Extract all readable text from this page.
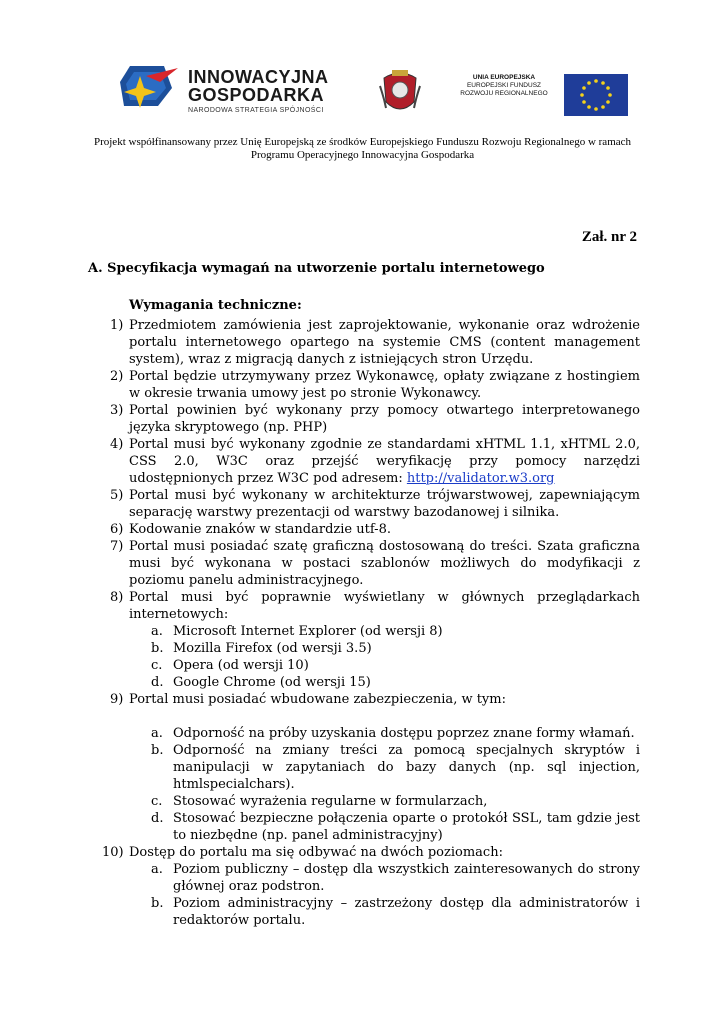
INNOWACYJNA
GOSPODARKA
NARODOWA STRATEGIA SPÓJNOŚCI
UNIA EUROPEJSKA
EUROPEJSKI FUNDUSZ
ROZWOJU REGIONALNEGO
Projekt współfinansowany przez Unię Europejską ze środków Europejskiego Funduszu Rozwoju Regionalnego w ramach
Programu Operacyjnego Innowacyjna Gospodarka
Zał. nr 2
A. Specyfikacja wymagań na utworzenie portalu internetowego
Wymagania techniczne:
1) Przedmiotem zamówienia jest zaprojektowanie, wykonanie oraz wdrożenie portalu internetowego opartego na systemie CMS (content management system), wraz z migracją danych z istniejących stron Urzędu.
2) Portal będzie utrzymywany przez Wykonawcę, opłaty związane z hostingiem w okresie trwania umowy jest po stronie Wykonawcy.
3) Portal powinien być wykonany przy pomocy otwartego interpretowanego języka skryptowego (np. PHP)
4) Portal musi być wykonany zgodnie ze standardami xHTML 1.1, xHTML 2.0, CSS 2.0, W3C oraz przejść weryfikację przy pomocy narzędzi udostępnionych przez W3C pod adresem: http://validator.w3.org
5) Portal musi być wykonany w architekturze trójwarstwowej, zapewniającym separację warstwy prezentacji od warstwy bazodanowej i silnika.
6) Kodowanie znaków w standardzie utf-8.
7) Portal musi posiadać szatę graficzną dostosowaną do treści. Szata graficzna musi być wykonana w postaci szablonów możliwych do modyfikacji z poziomu panelu administracyjnego.
8) Portal musi być poprawnie wyświetlany w głównych przeglądarkach internetowych:
a. Microsoft Internet Explorer (od wersji 8)
b. Mozilla Firefox (od wersji 3.5)
c. Opera (od wersji 10)
d. Google Chrome (od wersji 15)
9) Portal musi posiadać wbudowane zabezpieczenia, w tym:
a. Odporność na próby uzyskania dostępu poprzez znane formy włamań.
b. Odporność na zmiany treści za pomocą specjalnych skryptów i manipulacji w zapytaniach do bazy danych (np. sql injection, htmlspecialchars).
c. Stosować wyrażenia regularne w formularzach,
d. Stosować bezpieczne połączenia oparte o protokół SSL, tam gdzie jest to niezbędne (np. panel administracyjny)
10) Dostęp do portalu ma się odbywać na dwóch poziomach:
a. Poziom publiczny – dostęp dla wszystkich zainteresowanych do strony głównej oraz podstron.
b. Poziom administracyjny – zastrzeżony dostęp dla administratorów i redaktorów portalu.
